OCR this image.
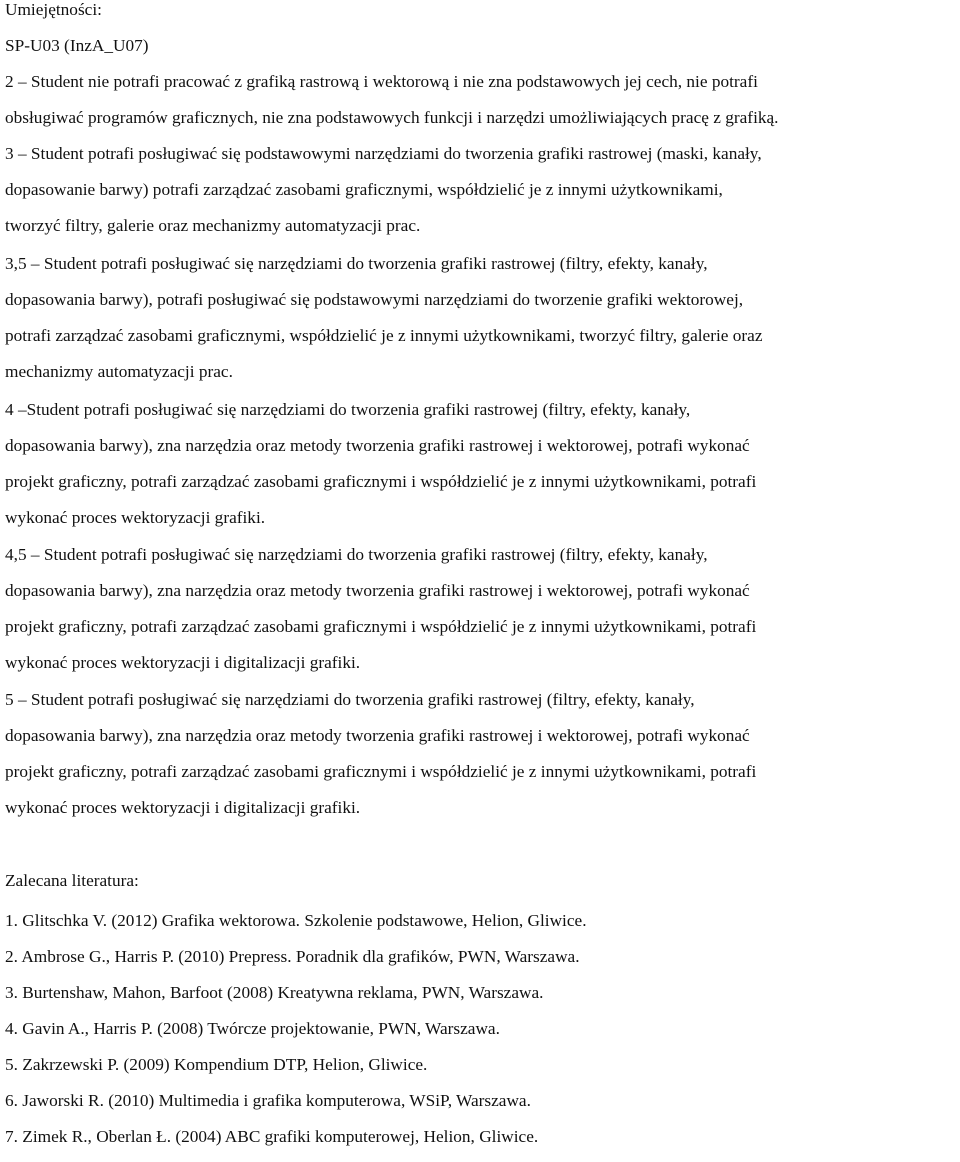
Umiejętności:
SP-U03 (InzA_U07)
2 – Student nie potrafi pracować z grafiką rastrową i wektorową i nie zna podstawowych jej cech, nie potrafi
obsługiwać programów graficznych, nie zna podstawowych funkcji i narzędzi umożliwiających pracę z grafiką.
3 – Student potrafi posługiwać się podstawowymi narzędziami do tworzenia grafiki rastrowej (maski, kanały,
dopasowanie barwy) potrafi zarządzać zasobami graficznymi, współdzielić je z innymi użytkownikami,
tworzyć filtry, galerie oraz mechanizmy automatyzacji prac.
3,5 – Student potrafi posługiwać się narzędziami do tworzenia grafiki rastrowej (filtry, efekty, kanały,
dopasowania barwy), potrafi posługiwać się podstawowymi narzędziami do tworzenie grafiki wektorowej,
potrafi zarządzać zasobami graficznymi, współdzielić je z innymi użytkownikami, tworzyć filtry, galerie oraz
mechanizmy automatyzacji prac.
4 –Student potrafi posługiwać się narzędziami do tworzenia grafiki rastrowej (filtry, efekty, kanały,
dopasowania barwy), zna narzędzia oraz metody tworzenia grafiki rastrowej i wektorowej, potrafi wykonać
projekt graficzny, potrafi zarządzać zasobami graficznymi i współdzielić je z innymi użytkownikami, potrafi
wykonać proces wektoryzacji grafiki.
4,5 – Student potrafi posługiwać się narzędziami do tworzenia grafiki rastrowej (filtry, efekty, kanały,
dopasowania barwy), zna narzędzia oraz metody tworzenia grafiki rastrowej i wektorowej, potrafi wykonać
projekt graficzny, potrafi zarządzać zasobami graficznymi i współdzielić je z innymi użytkownikami, potrafi
wykonać proces wektoryzacji i digitalizacji grafiki.
5 – Student potrafi posługiwać się narzędziami do tworzenia grafiki rastrowej (filtry, efekty, kanały,
dopasowania barwy), zna narzędzia oraz metody tworzenia grafiki rastrowej i wektorowej, potrafi wykonać
projekt graficzny, potrafi zarządzać zasobami graficznymi i współdzielić je z innymi użytkownikami, potrafi
wykonać proces wektoryzacji i digitalizacji grafiki.
Zalecana literatura:
1. Glitschka V. (2012) Grafika wektorowa. Szkolenie podstawowe, Helion, Gliwice.
2. Ambrose G., Harris P. (2010) Prepress. Poradnik dla grafików, PWN, Warszawa.
3. Burtenshaw, Mahon, Barfoot (2008) Kreatywna reklama, PWN, Warszawa.
4. Gavin A., Harris P. (2008) Twórcze projektowanie, PWN, Warszawa.
5. Zakrzewski P. (2009) Kompendium DTP, Helion, Gliwice.
6. Jaworski R. (2010) Multimedia i grafika komputerowa, WSiP, Warszawa.
7. Zimek R., Oberlan Ł. (2004) ABC grafiki komputerowej, Helion, Gliwice.
